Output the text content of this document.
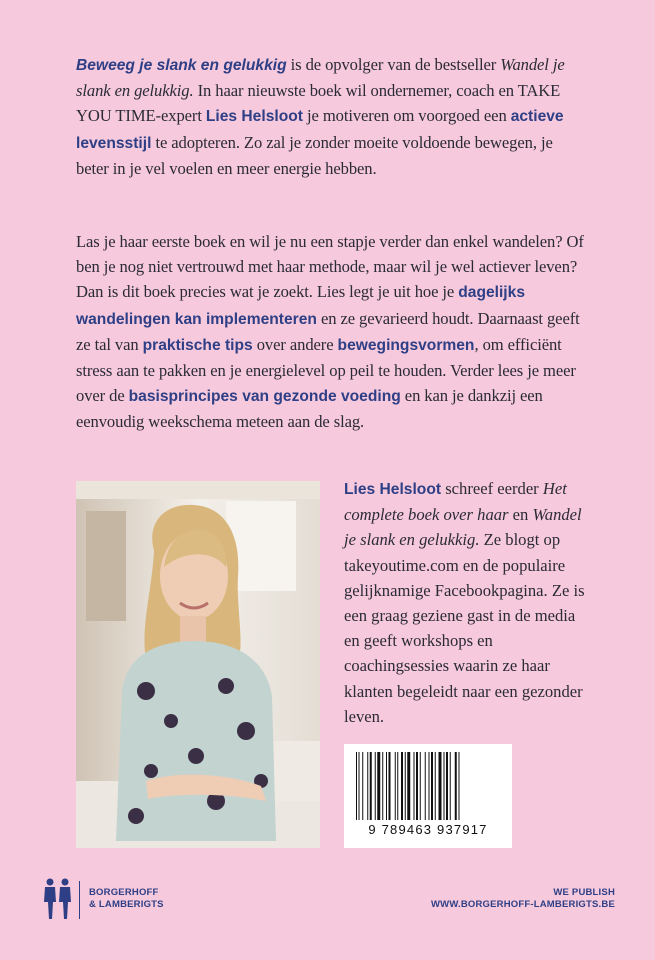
Beweeg je slank en gelukkig is de opvolger van de bestseller Wandel je slank en gelukkig. In haar nieuwste boek wil ondernemer, coach en TAKE YOU TIME-expert Lies Helsloot je motiveren om voorgoed een actieve levensstijl te adopteren. Zo zal je zonder moeite voldoende bewegen, je beter in je vel voelen en meer energie hebben.
Las je haar eerste boek en wil je nu een stapje verder dan enkel wandelen? Of ben je nog niet vertrouwd met haar methode, maar wil je wel actiever leven? Dan is dit boek precies wat je zoekt. Lies legt je uit hoe je dagelijks wandelingen kan implementeren en ze gevarieerd houdt. Daarnaast geeft ze tal van praktische tips over andere bewegingsvormen, om efficiënt stress aan te pakken en je energielevel op peil te houden. Verder lees je meer over de basisprincipes van gezonde voeding en kan je dankzij een eenvoudig weekschema meteen aan de slag.
Lies Helsloot schreef eerder Het complete boek over haar en Wandel je slank en gelukkig. Ze blogt op takeyoutime.com en de populaire gelijknamige Facebookpagina. Ze is een graag geziene gast in de media en geeft workshops en coachingsessies waarin ze haar klanten begeleidt naar een gezonder leven.
9 789463 937917
BORGERHOFF
& LAMBERIGTS
WE PUBLISH
WWW.BORGERHOFF-LAMBERIGTS.BE
